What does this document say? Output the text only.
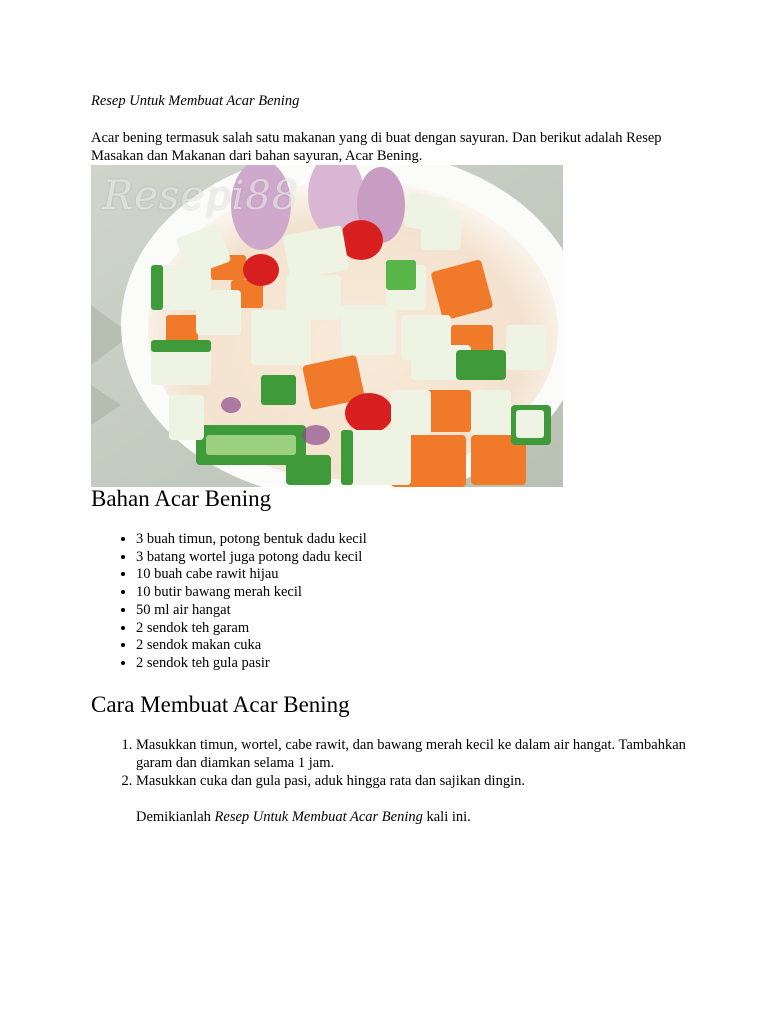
Resep Untuk Membuat Acar Bening

Acar bening termasuk salah satu makanan yang di buat dengan sayuran. Dan berikut adalah Resep Masakan dan Makanan dari bahan sayuran, Acar Bening.

Resepi88
Bahan Acar Bening
• 3 buah timun, potong bentuk dadu kecil
• 3 batang wortel juga potong dadu kecil
• 10 buah cabe rawit hijau
• 10 butir bawang merah kecil
• 50 ml air hangat
• 2 sendok teh garam
• 2 sendok makan cuka
• 2 sendok teh gula pasir
Cara Membuat Acar Bening
1. Masukkan timun, wortel, cabe rawit, dan bawang merah kecil ke dalam air hangat. Tambahkan garam dan diamkan selama 1 jam.
2. Masukkan cuka dan gula pasi, aduk hingga rata dan sajikan dingin.

Demikianlah Resep Untuk Membuat Acar Bening kali ini.
